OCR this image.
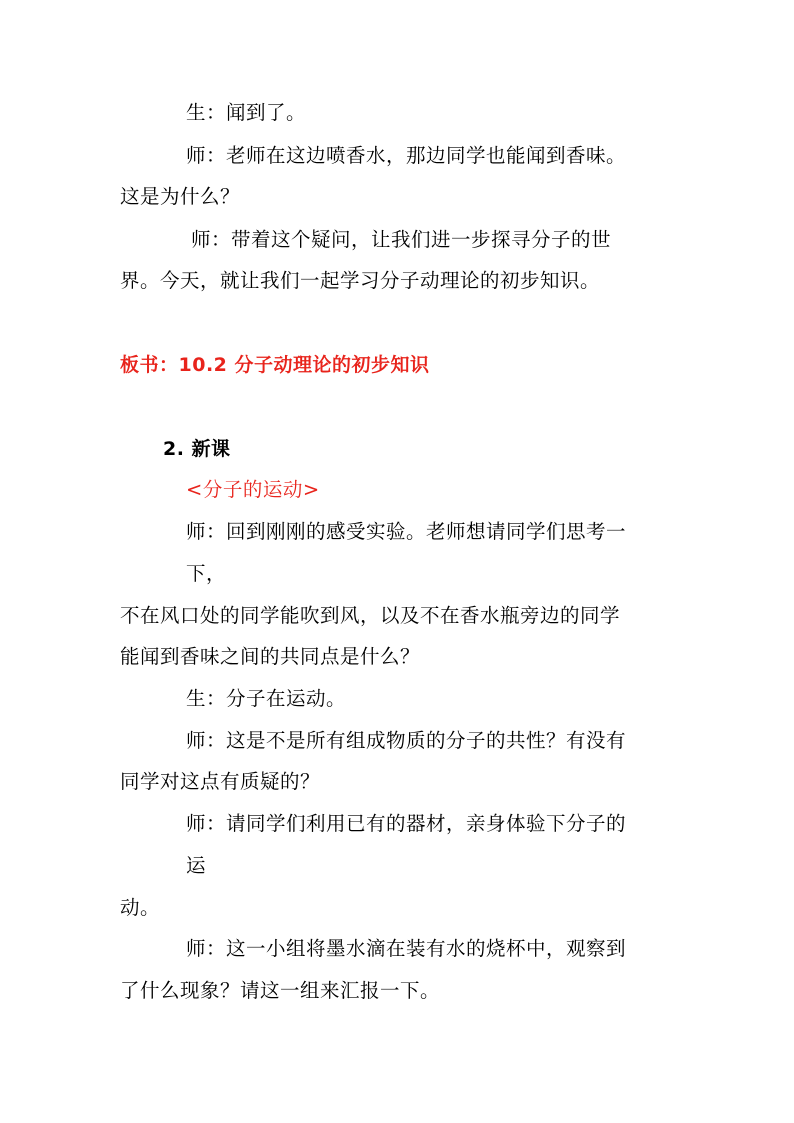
生：闻到了。
师：老师在这边喷香水，那边同学也能闻到香味。
这是为什么？
师：带着这个疑问，让我们进一步探寻分子的世
界。今天，就让我们一起学习分子动理论的初步知识。
板书：10.2 分子动理论的初步知识
2. 新课
<分子的运动>
师：回到刚刚的感受实验。老师想请同学们思考一
下，
不在风口处的同学能吹到风，以及不在香水瓶旁边的同学
能闻到香味之间的共同点是什么？
生：分子在运动。
师：这是不是所有组成物质的分子的共性？有没有
同学对这点有质疑的？
师：请同学们利用已有的器材，亲身体验下分子的
运
动。
师：这一小组将墨水滴在装有水的烧杯中，观察到
了什么现象？请这一组来汇报一下。
